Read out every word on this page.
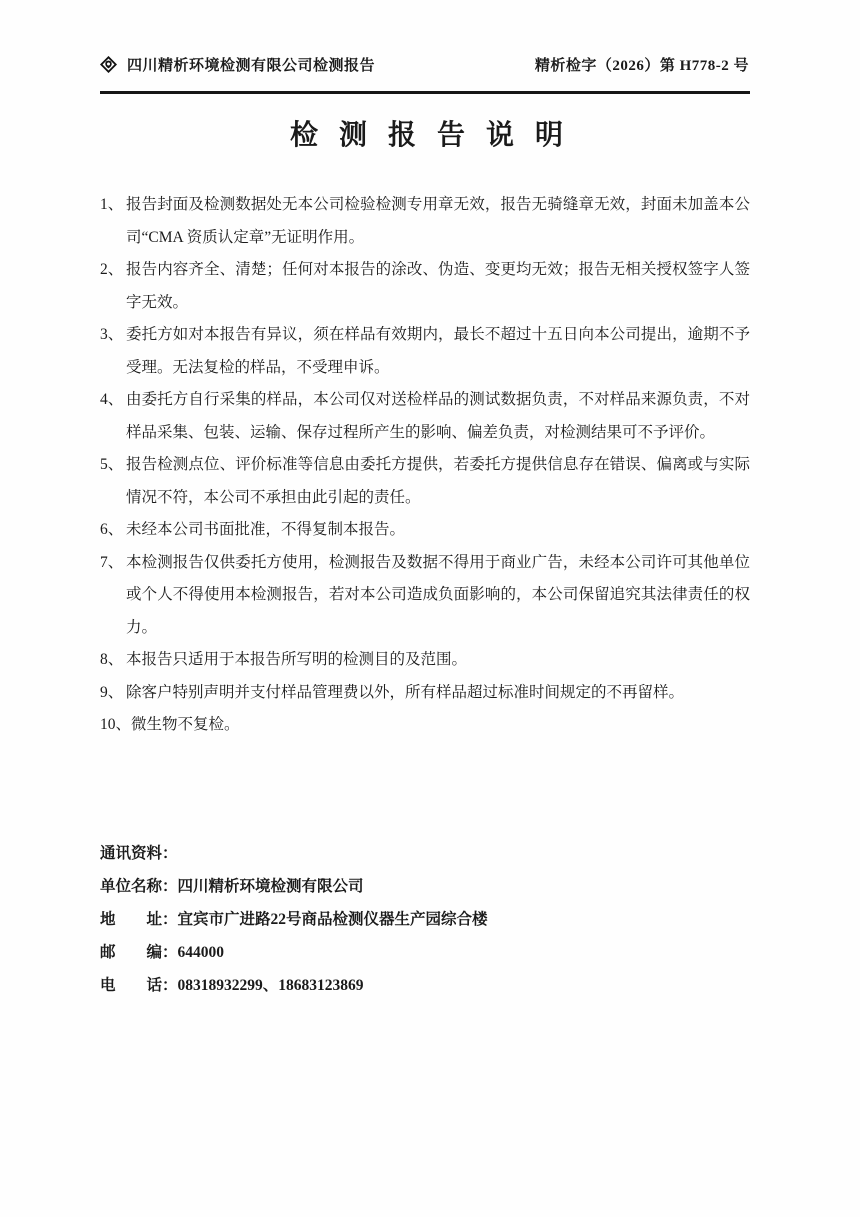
四川精析环境检测有限公司检测报告	精析检字（2026）第 H778-2 号
检 测 报 告 说 明
1、 报告封面及检测数据处无本公司检验检测专用章无效，报告无骑缝章无效，封面未加盖本公司“CMA 资质认定章”无证明作用。
2、 报告内容齐全、清楚；任何对本报告的涂改、伪造、变更均无效；报告无相关授权签字人签字无效。
3、 委托方如对本报告有异议，须在样品有效期内，最长不超过十五日向本公司提出，逾期不予受理。无法复检的样品，不受理申诉。
4、 由委托方自行采集的样品，本公司仅对送检样品的测试数据负责，不对样品来源负责，不对样品采集、包装、运输、保存过程所产生的影响、偏差负责，对检测结果可不予评价。
5、 报告检测点位、评价标准等信息由委托方提供，若委托方提供信息存在错误、偏离或与实际情况不符，本公司不承担由此引起的责任。
6、 未经本公司书面批准，不得复制本报告。
7、 本检测报告仅供委托方使用，检测报告及数据不得用于商业广告，未经本公司许可其他单位或个人不得使用本检测报告，若对本公司造成负面影响的，本公司保留追究其法律责任的权力。
8、 本报告只适用于本报告所写明的检测目的及范围。
9、 除客户特别声明并支付样品管理费以外，所有样品超过标准时间规定的不再留样。
10、 微生物不复检。
通讯资料：
单位名称：四川精析环境检测有限公司
地　　址：宜宾市广进路22号商品检测仪器生产园综合楼
邮　　编：644000
电　　话：08318932299、18683123869
